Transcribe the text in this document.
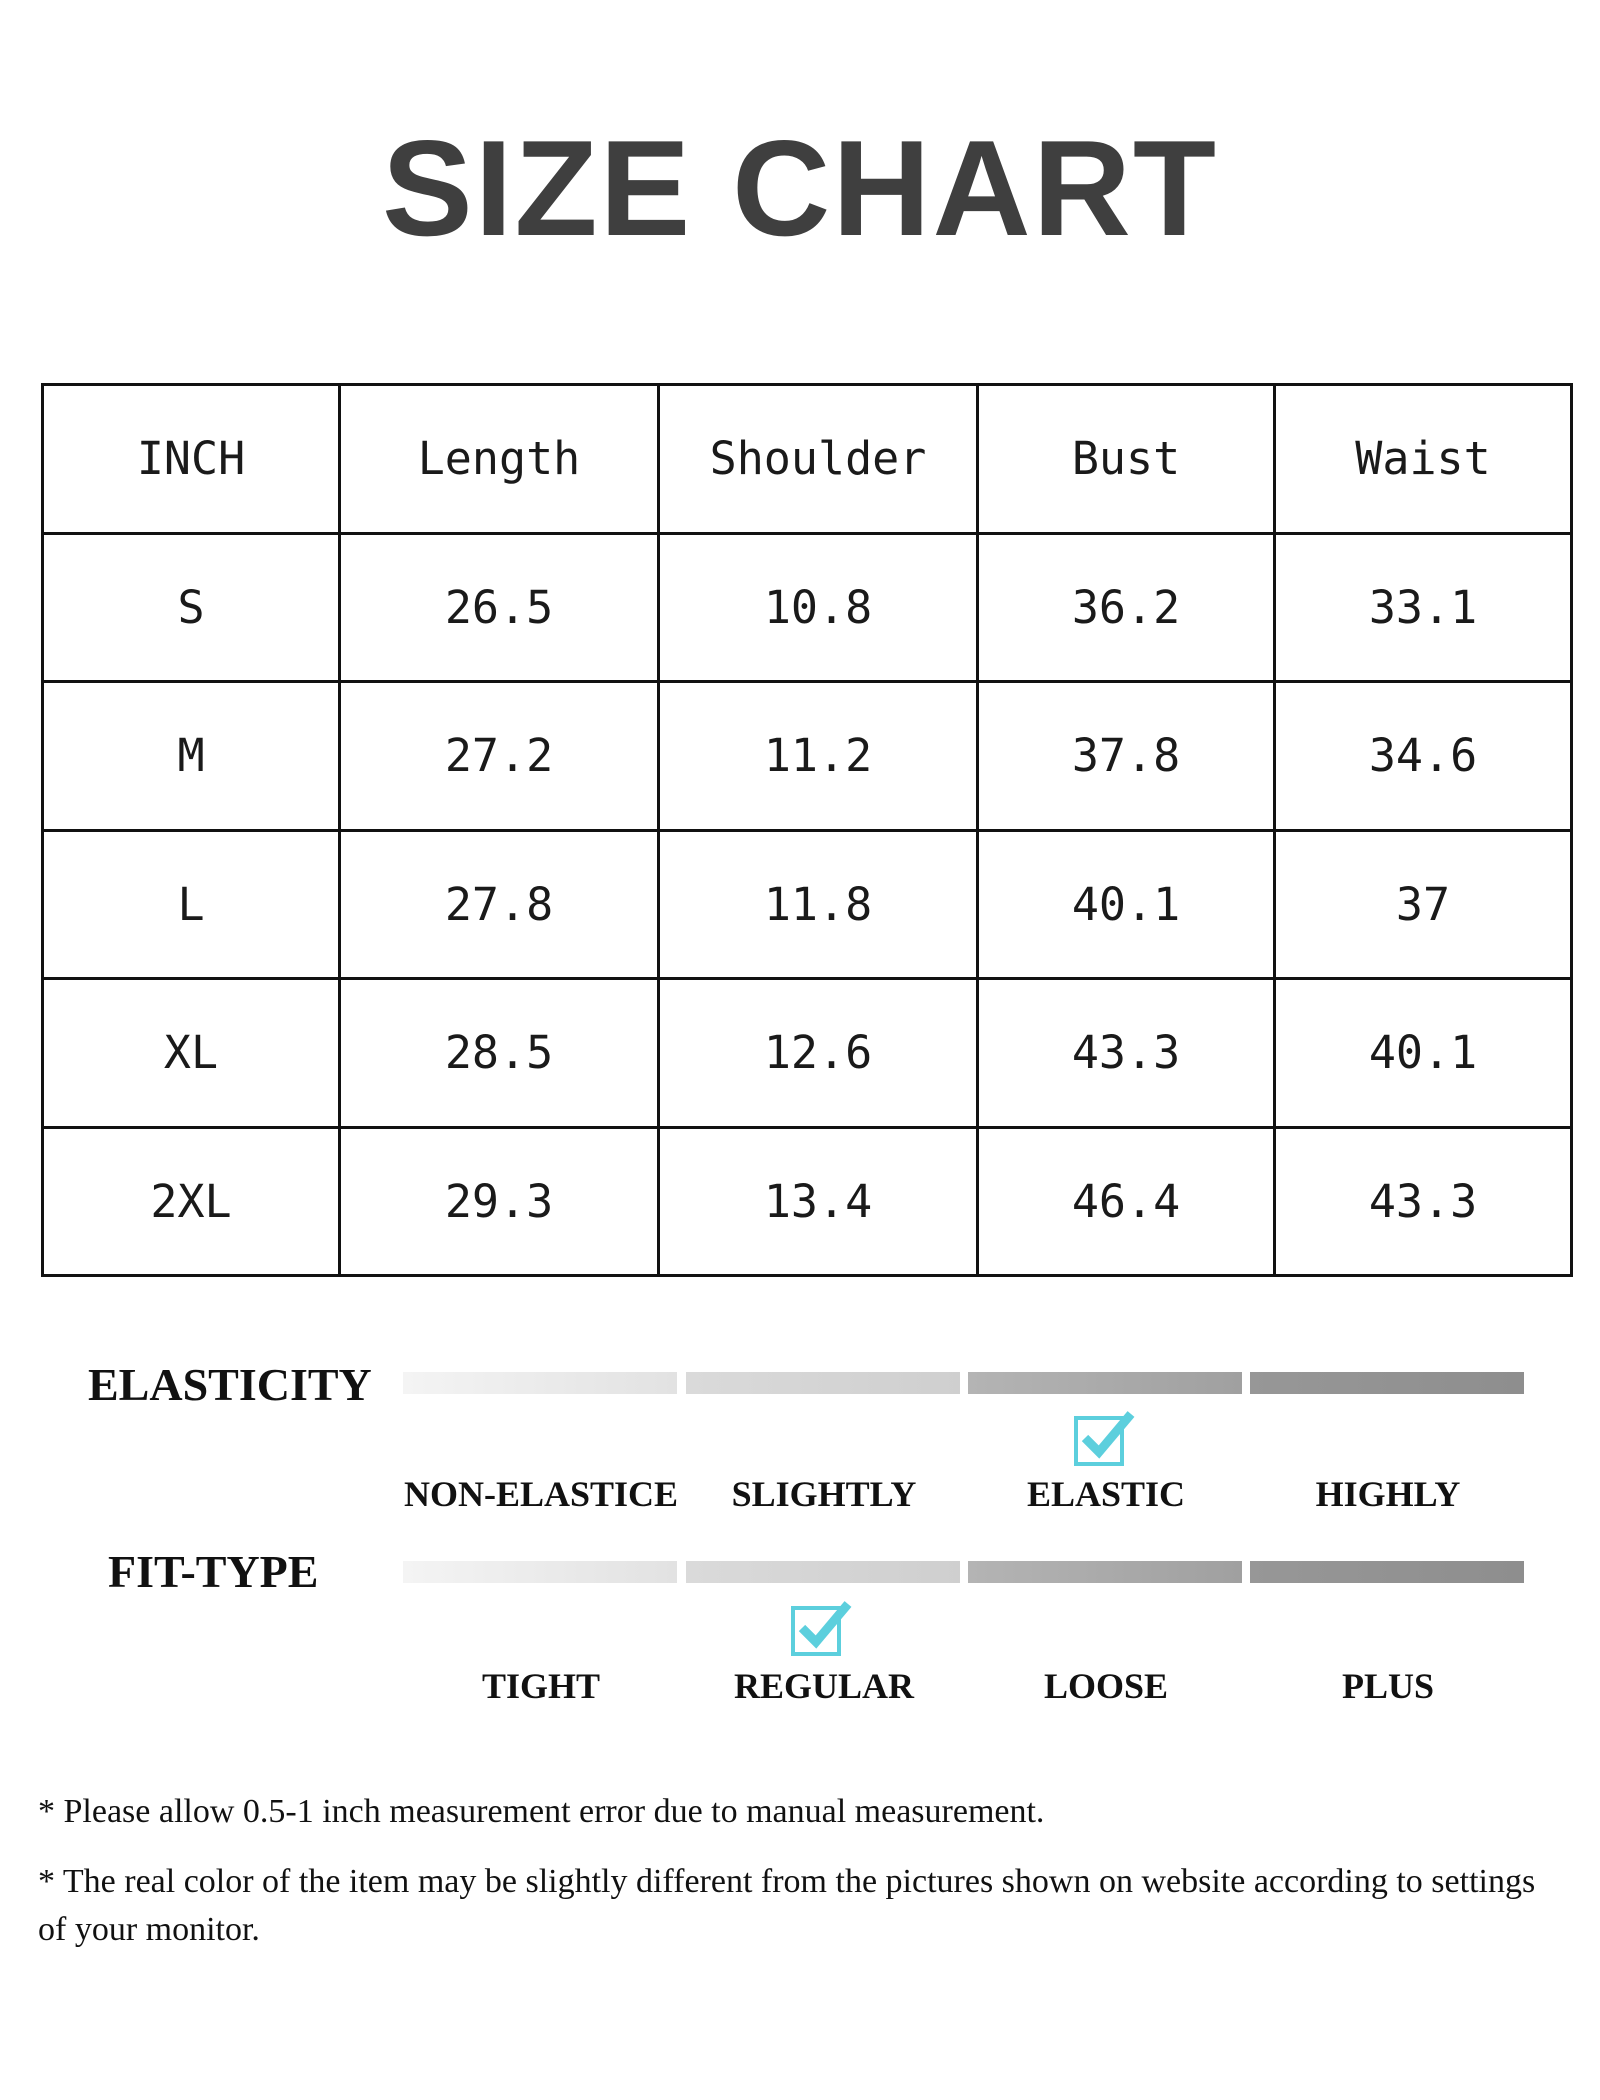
SIZE CHART
INCH	Length	Shoulder	Bust	Waist
S	26.5	10.8	36.2	33.1
M	27.2	11.2	37.8	34.6
L	27.8	11.8	40.1	37
XL	28.5	12.6	43.3	40.1
2XL	29.3	13.4	46.4	43.3
ELASTICITY
NON-ELASTICE	SLIGHTLY	ELASTIC	HIGHLY
FIT-TYPE
TIGHT	REGULAR	LOOSE	PLUS
* Please allow 0.5-1 inch measurement error due to manual measurement.
* The real color of the item may be slightly different from the pictures shown on website according to settings of your monitor.
